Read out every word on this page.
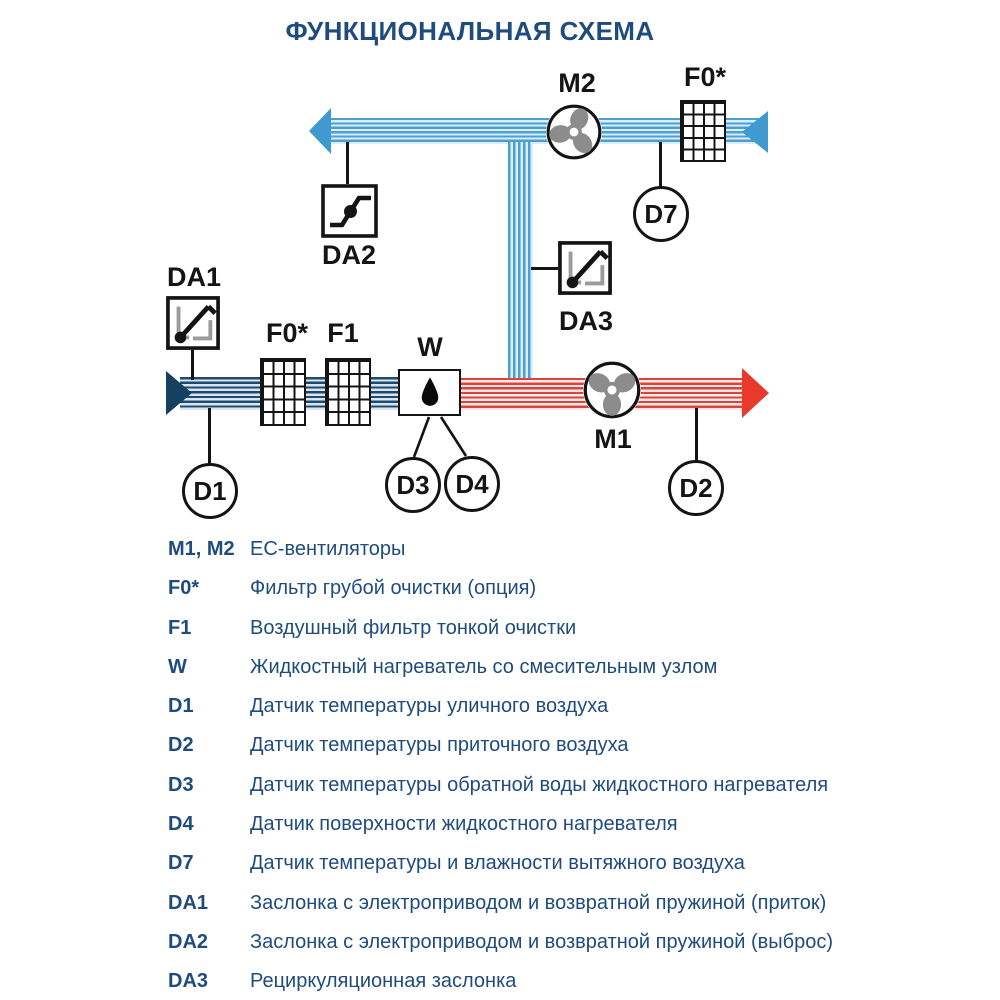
ФУНКЦИОНАЛЬНАЯ СХЕМА
M2	F0*
D7
DA2
DA3
DA1
F0* F1 W
M1
D1	D3 D4	D2
M1, M2 ЕС-вентиляторы
F0*	Фильтр грубой очистки (опция)
F1	Воздушный фильтр тонкой очистки
W	Жидкостный нагреватель со смесительным узлом
D1	Датчик температуры уличного воздуха
D2	Датчик температуры приточного воздуха
D3	Датчик температуры обратной воды жидкостного нагревателя
D4	Датчик поверхности жидкостного нагревателя
D7	Датчик температуры и влажности вытяжного воздуха
DA1	Заслонка с электроприводом и возвратной пружиной (приток)
DA2	Заслонка с электроприводом и возвратной пружиной (выброс)
DA3	Рециркуляционная заслонка
